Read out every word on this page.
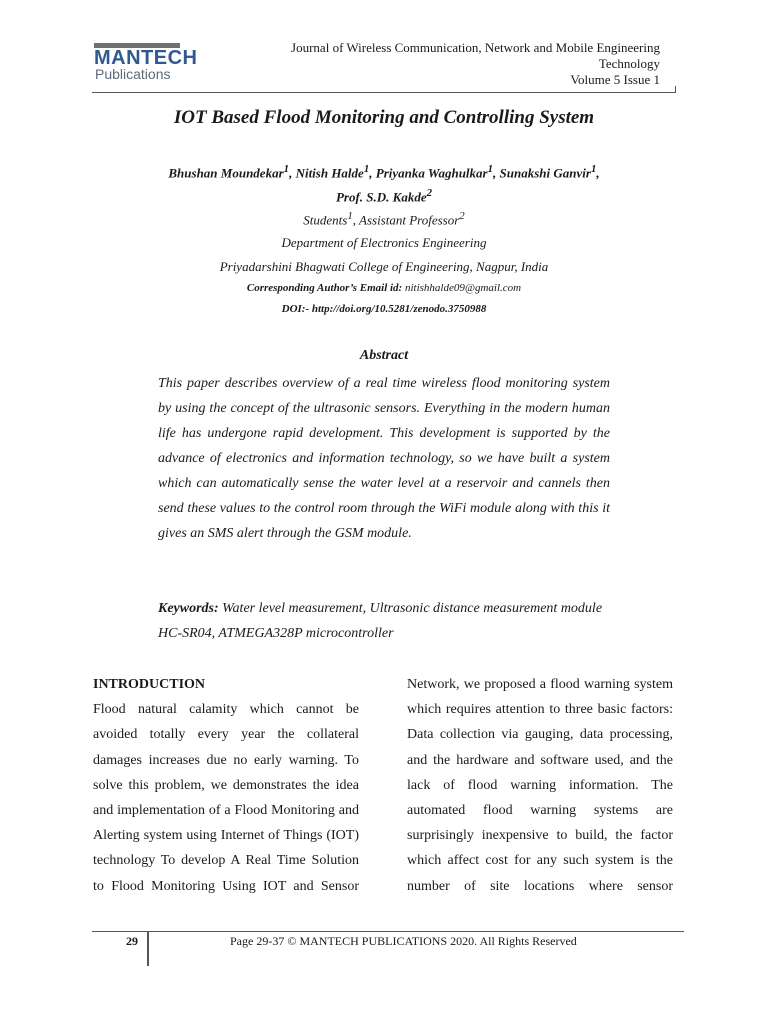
MANTECH
Publications
Journal of Wireless Communication, Network and Mobile Engineering
Technology
Volume 5 Issue 1
IOT Based Flood Monitoring and Controlling System
Bhushan Moundekar$^1$, Nitish Halde$^1$, Priyanka Waghulkar$^1$, Sunakshi Ganvir$^1$,
Prof. S.D. Kakde$^2$
Students$^1$, Assistant Professor$^2$
Department of Electronics Engineering
Priyadarshini Bhagwati College of Engineering, Nagpur, India
Corresponding Author’s Email id: nitishhalde09@gmail.com
DOI:- http://doi.org/10.5281/zenodo.3750988
Abstract

This paper describes overview of a real time wireless flood monitoring system by using the concept of the ultrasonic sensors. Everything in the modern human life has undergone rapid development. This development is supported by the advance of electronics and information technology, so we have built a system which can automatically sense the water level at a reservoir and cannels then send these values to the control room through the WiFi module along with this it gives an SMS alert through the GSM module.

Keywords: Water level measurement, Ultrasonic distance measurement module HC-SR04, ATMEGA328P microcontroller

INTRODUCTION
Flood natural calamity which cannot be avoided totally every year the collateral damages increases due no early warning. To solve this problem, we demonstrates the idea and implementation of a Flood Monitoring and Alerting system using Internet of Things (IOT) technology To develop A Real Time Solution to Flood Monitoring Using IOT and Sensor
Network, we proposed a flood warning system which requires attention to three basic factors: Data collection via gauging, data processing, and the hardware and software used, and the lack of flood warning information. The automated flood warning systems are surprisingly inexpensive to build, the factor which affect cost for any such system is the number of site locations where sensor
29	Page 29-37 © MANTECH PUBLICATIONS 2020. All Rights Reserved
